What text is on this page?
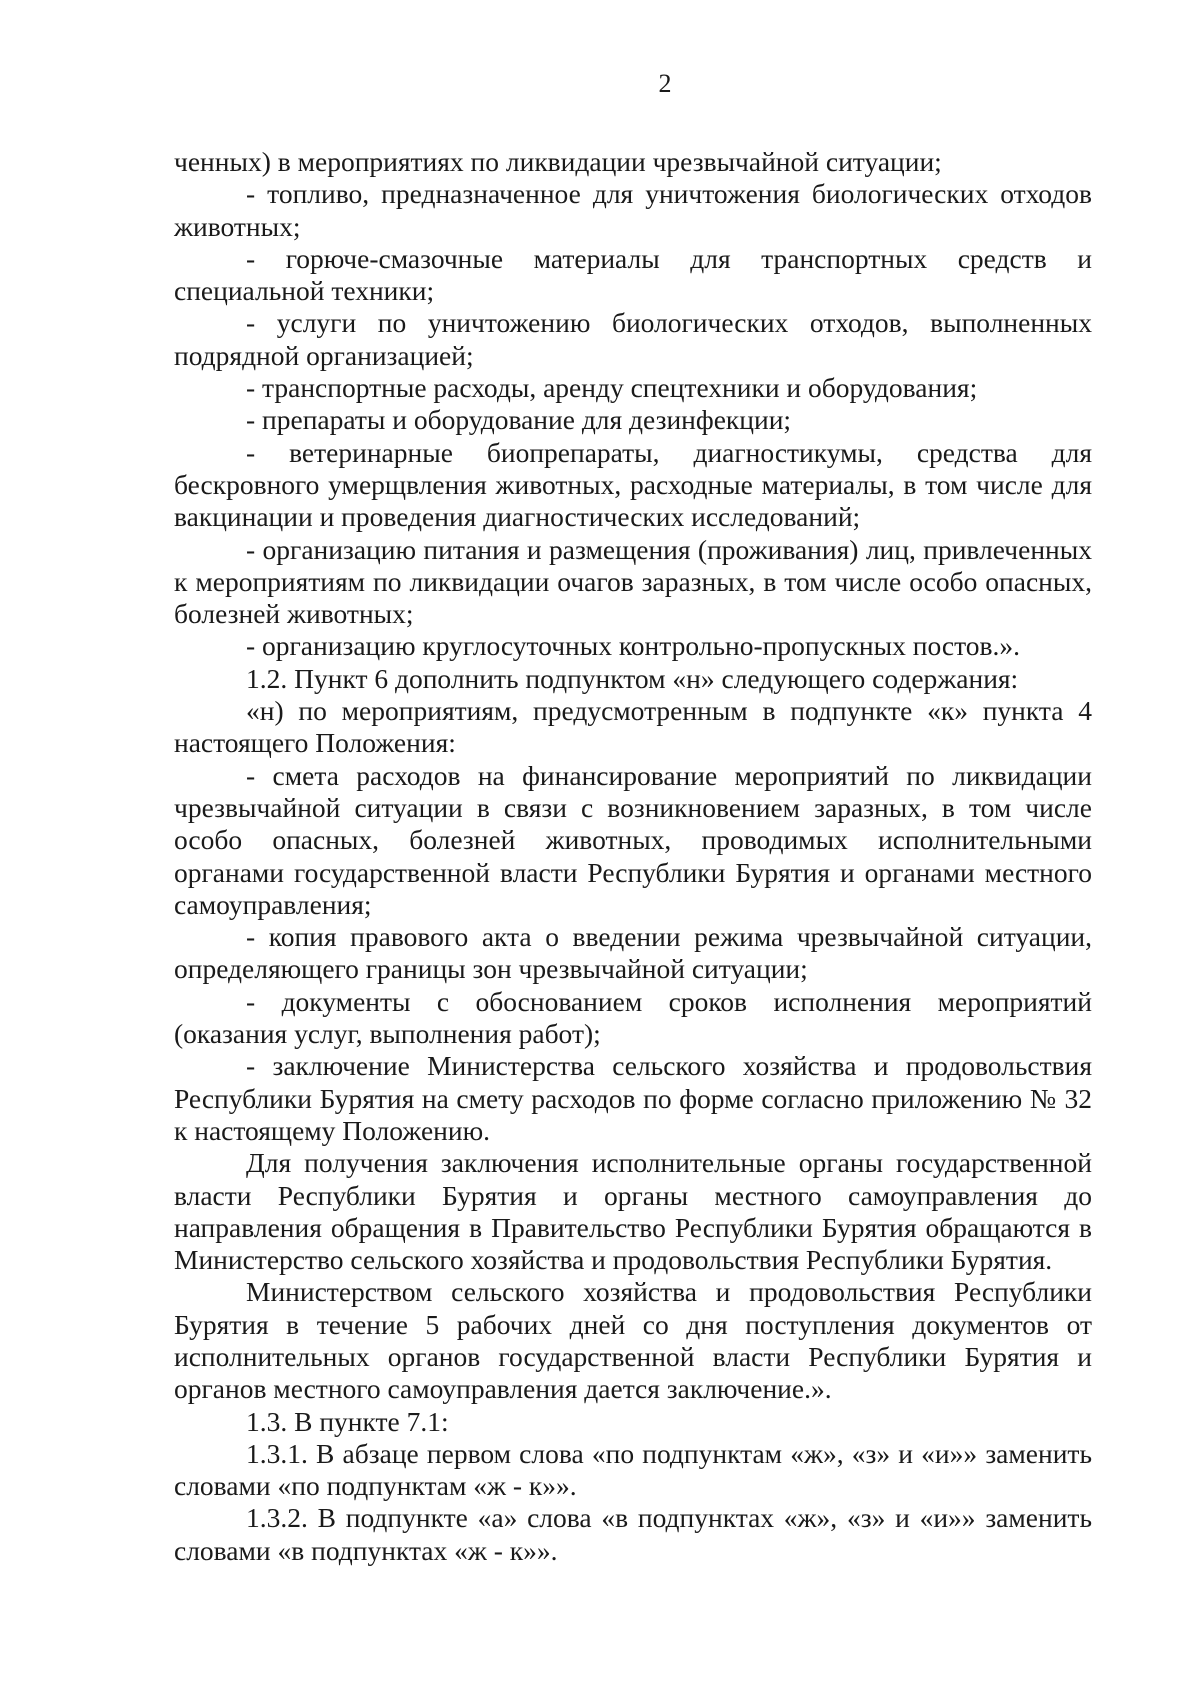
2

ченных) в мероприятиях по ликвидации чрезвычайной ситуации;

- топливо, предназначенное для уничтожения биологических отходов животных;

- горюче-смазочные материалы для транспортных средств и специальной техники;

- услуги по уничтожению биологических отходов, выполненных подрядной организацией;

- транспортные расходы, аренду спецтехники и оборудования;

- препараты и оборудование для дезинфекции;

- ветеринарные биопрепараты, диагностикумы, средства для бескровного умерщвления животных, расходные материалы, в том числе для вакцинации и проведения диагностических исследований;

- организацию питания и размещения (проживания) лиц, привлеченных к мероприятиям по ликвидации очагов заразных, в том числе особо опасных, болезней животных;

- организацию круглосуточных контрольно-пропускных постов.».

1.2. Пункт 6 дополнить подпунктом «н» следующего содержания:

«н) по мероприятиям, предусмотренным в подпункте «к» пункта 4 настоящего Положения:

- смета расходов на финансирование мероприятий по ликвидации чрезвычайной ситуации в связи с возникновением заразных, в том числе особо опасных, болезней животных, проводимых исполнительными органами государственной власти Республики Бурятия и органами местного самоуправления;

- копия правового акта о введении режима чрезвычайной ситуации, определяющего границы зон чрезвычайной ситуации;

- документы с обоснованием сроков исполнения мероприятий (оказания услуг, выполнения работ);

- заключение Министерства сельского хозяйства и продовольствия Республики Бурятия на смету расходов по форме согласно приложению № 32 к настоящему Положению.

Для получения заключения исполнительные органы государственной власти Республики Бурятия и органы местного самоуправления до направления обращения в Правительство Республики Бурятия обращаются в Министерство сельского хозяйства и продовольствия Республики Бурятия.

Министерством сельского хозяйства и продовольствия Республики Бурятия в течение 5 рабочих дней со дня поступления документов от исполнительных органов государственной власти Республики Бурятия и органов местного самоуправления дается заключение.».

1.3. В пункте 7.1:

1.3.1. В абзаце первом слова «по подпунктам «ж», «з» и «и»» заменить словами «по подпунктам «ж - к»».

1.3.2. В подпункте «а» слова «в подпунктах «ж», «з» и «и»» заменить словами «в подпунктах «ж - к»».
